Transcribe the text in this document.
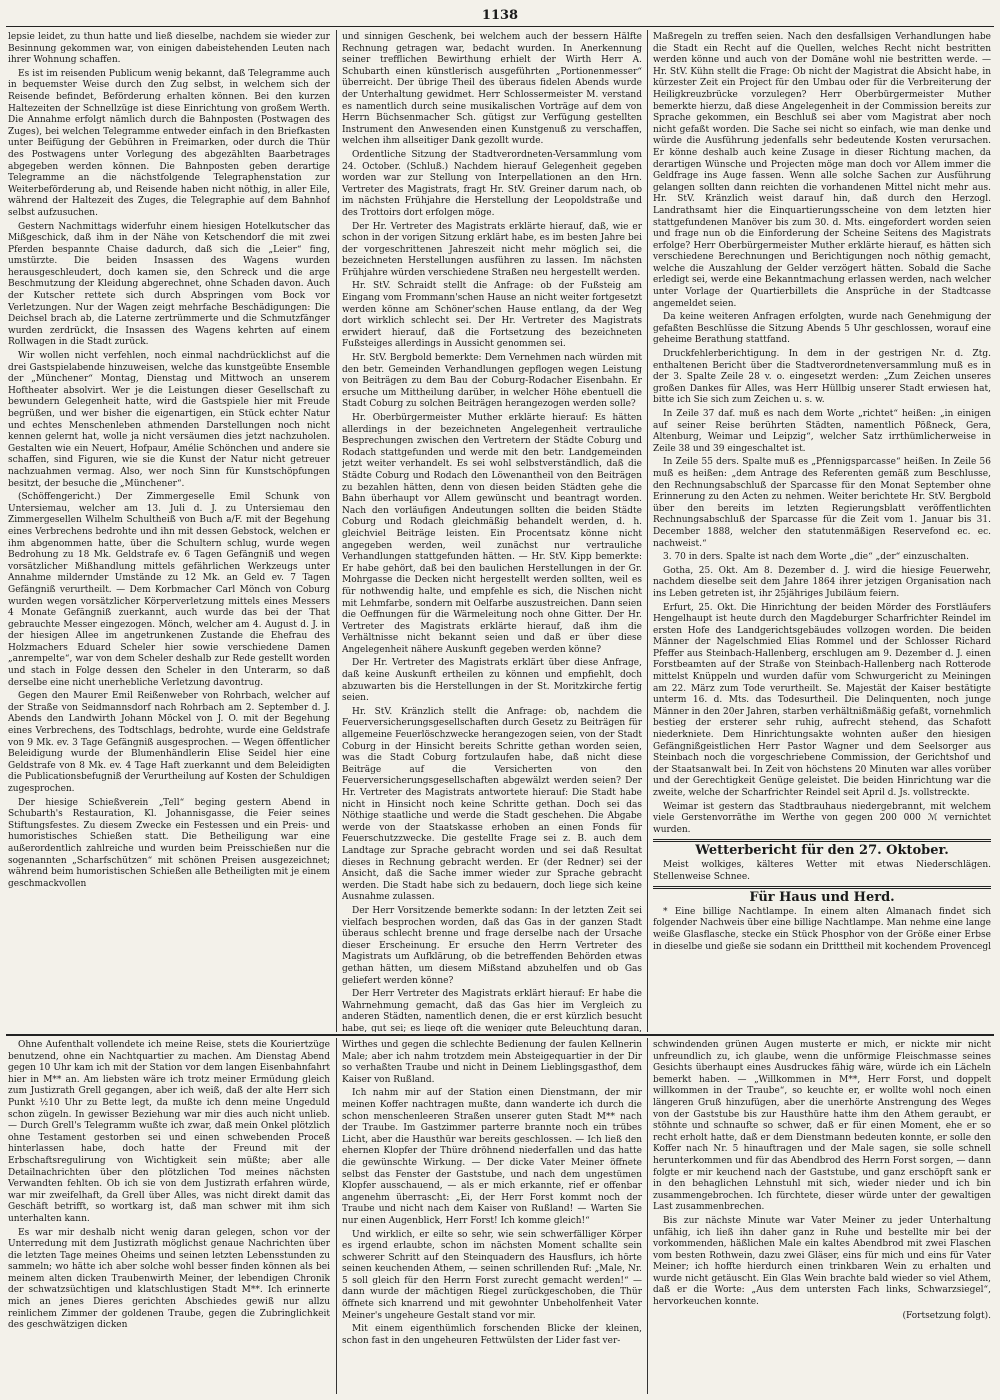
1138

lepsie leidet, zu thun hatte und ließ dieselbe, nachdem sie wieder zur Besinnung gekommen war, von einigen dabeistehenden Leuten nach ihrer Wohnung schaffen.

Es ist im reisenden Publicum wenig bekannt, daß Telegramme auch in bequemster Weise durch den Zug selbst, in welchem sich der Reisende befindet, Beförderung erhalten können. Bei den kurzen Haltezeiten der Schnellzüge ist diese Einrichtung von großem Werth. Die Annahme erfolgt nämlich durch die Bahnposten (Postwagen des Zuges), bei welchen Telegramme entweder einfach in den Briefkasten unter Beifügung der Gebühren in Freimarken, oder durch die Thür des Postwagens unter Vorlegung des abgezählten Baarbetrages abgegeben werden können. Die Bahnposten geben derartige Telegramme an die nächstfolgende Telegraphenstation zur Weiterbeförderung ab, und Reisende haben nicht nöthig, in aller Eile, während der Haltezeit des Zuges, die Telegraphie auf dem Bahnhof selbst aufzusuchen.

Gestern Nachmittags widerfuhr einem hiesigen Hotelkutscher das Mißgeschick, daß ihm in der Nähe von Ketschendorf die mit zwei Pferden bespannte Chaise dadurch, daß sich die „Leier“ fing, umstürzte. Die beiden Insassen des Wagens wurden herausgeschleudert, doch kamen sie, den Schreck und die arge Beschmutzung der Kleidung abgerechnet, ohne Schaden davon. Auch der Kutscher rettete sich durch Abspringen vom Bock vor Verletzungen. Nur der Wagen zeigt mehrfache Beschädigungen: Die Deichsel brach ab, die Laterne zertrümmerte und die Schmutzfänger wurden zerdrückt, die Insassen des Wagens kehrten auf einem Rollwagen in die Stadt zurück.

Wir wollen nicht verfehlen, noch einmal nachdrücklichst auf die drei Gastspielabende hinzuweisen, welche das kunstgeübte Ensemble der „Münchener“ Montag, Dienstag und Mittwoch an unserem Hoftheater absolvirt. Wer je die Leistungen dieser Gesellschaft zu bewundern Gelegenheit hatte, wird die Gastspiele hier mit Freude begrüßen, und wer bisher die eigenartigen, ein Stück echter Natur und echtes Menschenleben athmenden Darstellungen noch nicht kennen gelernt hat, wolle ja nicht versäumen dies jetzt nachzuholen. Gestalten wie ein Neuert, Hofpaur, Amélie Schönchen und andere sie schaffen, sind Figuren, wie sie die Kunst der Natur nicht getreuer nachzuahmen vermag. Also, wer noch Sinn für Kunstschöpfungen besitzt, der besuche die „Münchener“.

(Schöffengericht.) Der Zimmergeselle Emil Schunk von Untersiemau, welcher am 13. Juli d. J. zu Untersiemau den Zimmergesellen Wilhelm Schultheiß von Buch a/F. mit der Begehung eines Verbrechens bedrohte und ihn mit dessen Gebstock, welchen er ihm abgenommen hatte, über die Schultern schlug, wurde wegen Bedrohung zu 18 Mk. Geldstrafe ev. 6 Tagen Gefängniß und wegen vorsätzlicher Mißhandlung mittels gefährlichen Werkzeugs unter Annahme mildernder Umstände zu 12 Mk. an Geld ev. 7 Tagen Gefängniß verurtheilt. — Dem Korbmacher Carl Mönch von Coburg wurden wegen vorsätzlicher Körperverletzung mittels eines Messers 4 Monate Gefängniß zuerkannt, auch wurde das bei der That gebrauchte Messer eingezogen. Mönch, welcher am 4. August d. J. in der hiesigen Allee im angetrunkenen Zustande die Ehefrau des Holzmachers Eduard Scheler hier sowie verschiedene Damen „anrempelte“, war von dem Scheler deshalb zur Rede gestellt worden und stach in Folge dessen den Scheler in den Unterarm, so daß derselbe eine nicht unerhebliche Verletzung davontrug.

Gegen den Maurer Emil Reißenweber von Rohrbach, welcher auf der Straße von Seidmannsdorf nach Rohrbach am 2. September d. J. Abends den Landwirth Johann Möckel von J. O. mit der Begehung eines Verbrechens, des Todtschlags, bedrohte, wurde eine Geldstrafe von 9 Mk. ev. 3 Tage Gefängniß ausgesprochen. — Wegen öffentlicher Beleidigung wurde der Blumenhändlerin Elise Seidel hier eine Geldstrafe von 8 Mk. ev. 4 Tage Haft zuerkannt und dem Beleidigten die Publicationsbefugniß der Verurtheilung auf Kosten der Schuldigen zugesprochen.

Der hiesige Schießverein „Tell“ beging gestern Abend in Schubarth's Restauration, Kl. Johannisgasse, die Feier seines Stiftungsfestes. Zu diesem Zwecke ein Festessen und ein Preis- und humoristisches Schießen statt. Die Betheiligung war eine außerordentlich zahlreiche und wurden beim Preisschießen nur die sogenannten „Scharfschützen“ mit schönen Preisen ausgezeichnet; während beim humoristischen Schießen alle Betheiligten mit je einem geschmackvollen

und sinnigen Geschenk, bei welchem auch der bessern Hälfte Rechnung getragen war, bedacht wurden. In Anerkennung seiner trefflichen Bewirthung erhielt der Wirth Herr A. Schubarth einen künstlerisch ausgeführten „Portionenmesser“ überreicht. Der übrige Theil des überaus fidelen Abends wurde der Unterhaltung gewidmet. Herr Schlossermeister M. verstand es namentlich durch seine musikalischen Vorträge auf dem von Herrn Büchsenmacher Sch. gütigst zur Verfügung gestellten Instrument den Anwesenden einen Kunstgenuß zu verschaffen, welchen ihm allseitiger Dank gezollt wurde.

Ordentliche Sitzung der Stadtverordneten-Versammlung vom 24. October. (Schluß.) Nachdem hierauf Gelegenheit gegeben worden war zur Stellung von Interpellationen an den Hrn. Vertreter des Magistrats, fragt Hr. StV. Greiner darum nach, ob im nächsten Frühjahre die Herstellung der Leopoldstraße und des Trottoirs dort erfolgen möge.

Der Hr. Vertreter des Magistrats erklärte hierauf, daß, wie er schon in der vorigen Sitzung erklärt habe, es im besten Jahre bei der vorgeschrittenen Jahreszeit nicht mehr möglich sei, die bezeichneten Herstellungen ausführen zu lassen. Im nächsten Frühjahre würden verschiedene Straßen neu hergestellt werden.

Hr. StV. Schraidt stellt die Anfrage: ob der Fußsteig am Eingang vom Frommann'schen Hause an nicht weiter fortgesetzt werden könne am Schöner'schen Hause entlang, da der Weg dort wirklich schlecht sei. Der Hr. Vertreter des Magistrats erwidert hierauf, daß die Fortsetzung des bezeichneten Fußsteiges allerdings in Aussicht genommen sei.

Hr. StV. Bergbold bemerkte: Dem Vernehmen nach würden mit den betr. Gemeinden Verhandlungen gepflogen wegen Leistung von Beiträgen zu dem Bau der Coburg-Rodacher Eisenbahn. Er ersuche um Mittheilung darüber, in welcher Höhe ebentuell die Stadt Coburg zu solchen Beiträgen herangezogen werden solle?

Hr. Oberbürgermeister Muther erklärte hierauf: Es hätten allerdings in der bezeichneten Angelegenheit vertrauliche Besprechungen zwischen den Vertretern der Städte Coburg und Rodach stattgefunden und werde mit den betr. Landgemeinden jetzt weiter verhandelt. Es sei wohl selbstverständlich, daß die Städte Coburg und Rodach den Löwenantheil von den Beiträgen zu bezahlen hätten, denn von diesen beiden Städten gehe die Bahn überhaupt vor Allem gewünscht und beantragt worden. Nach den vorläufigen Andeutungen sollten die beiden Städte Coburg und Rodach gleichmäßig behandelt werden, d. h. gleichviel Beiträge leisten. Ein Procentsatz könne nicht angegeben werden, weil zunächst nur vertrauliche Verhandlungen stattgefunden hätten. — Hr. StV. Kipp bemerkte: Er habe gehört, daß bei den baulichen Herstellungen in der Gr. Mohrgasse die Decken nicht hergestellt werden sollten, weil es für nothwendig halte, und empfehle es sich, die Nischen nicht mit Lehmfarbe, sondern mit Oelfarbe auszustreichen. Dann seien die Oeffnungen für die Wärmeleitung noch ohne Gitter. Der Hr. Vertreter des Magistrats erklärte hierauf, daß ihm die Verhältnisse nicht bekannt seien und daß er über diese Angelegenheit nähere Auskunft gegeben werden könne?

Der Hr. Vertreter des Magistrats erklärt über diese Anfrage, daß keine Auskunft ertheilen zu können und empfiehlt, doch abzuwarten bis die Herstellungen in der St. Moritzkirche fertig seien.

Hr. StV. Kränzlich stellt die Anfrage: ob, nachdem die Feuerversicherungsgesellschaften durch Gesetz zu Beiträgen für allgemeine Feuerlöschzwecke herangezogen seien, von der Stadt Coburg in der Hinsicht bereits Schritte gethan worden seien, was die Stadt Coburg fortzulaufen habe, daß nicht diese Beiträge auf die Versicherten von den Feuerversicherungsgesellschaften abgewälzt werden seien? Der Hr. Vertreter des Magistrats antwortete hierauf: Die Stadt habe nicht in Hinsicht noch keine Schritte gethan. Doch sei das Nöthige staatliche und werde die Stadt geschehen. Die Abgabe werde von der Staatskasse erhoben an einen Fonds für Feuerschutzzwecke. Die gestellte Frage sei z. B. auch dem Landtage zur Sprache gebracht worden und sei daß Resultat dieses in Rechnung gebracht werden. Er (der Redner) sei der Ansicht, daß die Sache immer wieder zur Sprache gebracht werden. Die Stadt habe sich zu bedauern, doch liege sich keine Ausnahme zulassen.

Der Herr Vorsitzende bemerkte sodann: In der letzten Zeit sei vielfach besprochen worden, daß das Gas in der ganzen Stadt überaus schlecht brenne und frage derselbe nach der Ursache dieser Erscheinung. Er ersuche den Herrn Vertreter des Magistrats um Aufklärung, ob die betreffenden Behörden etwas gethan hätten, um diesem Mißstand abzuhelfen und ob Gas geliefert werden könne?

Der Herr Vertreter des Magistrats erklärt hierauf: Er habe die Wahrnehmung gemacht, daß das Gas hier im Vergleich zu anderen Städten, namentlich denen, die er erst kürzlich besucht habe, gut sei; es liege oft die weniger gute Beleuchtung daran,

Maßregeln zu treffen seien. Nach den desfallsigen Verhandlungen habe die Stadt ein Recht auf die Quellen, welches Recht nicht bestritten werden könne und auch von der Domäne wohl nie bestritten werde. — Hr. StV. Kühn stellt die Frage: Ob nicht der Magistrat die Absicht habe, in kürzester Zeit ein Project für den Umbau oder für die Verbreiterung der Heiligkreuzbrücke vorzulegen? Herr Oberbürgermeister Muther bemerkte hierzu, daß diese Angelegenheit in der Commission bereits zur Sprache gekommen, ein Beschluß sei aber vom Magistrat aber noch nicht gefaßt worden. Die Sache sei nicht so einfach, wie man denke und würde die Ausführung jedenfalls sehr bedeutende Kosten verursachen. Er könne deshalb auch keine Zusage in dieser Richtung machen, da derartigen Wünsche und Projecten möge man doch vor Allem immer die Geldfrage ins Auge fassen. Wenn alle solche Sachen zur Ausführung gelangen sollten dann reichten die vorhandenen Mittel nicht mehr aus. Hr. StV. Kränzlich weist darauf hin, daß durch den Herzogl. Landrathsamt hier die Einquartierungsscheine von dem letzten hier stattgefundenen Manöver bis zum 30. d. Mts. eingefordert worden seien und frage nun ob die Einforderung der Scheine Seitens des Magistrats erfolge? Herr Oberbürgermeister Muther erklärte hierauf, es hätten sich verschiedene Berechnungen und Berichtigungen noch nöthig gemacht, welche die Auszahlung der Gelder verzögert hätten. Sobald die Sache erledigt sei, werde eine Bekanntmachung erlassen werden, nach welcher unter Vorlage der Quartierbillets die Ansprüche in der Stadtcasse angemeldet seien.

Da keine weiteren Anfragen erfolgten, wurde nach Genehmigung der gefaßten Beschlüsse die Sitzung Abends 5 Uhr geschlossen, worauf eine geheime Berathung stattfand.

Druckfehlerberichtigung. In dem in der gestrigen Nr. d. Ztg. enthaltenen Bericht über die Stadtverordnetenversammlung muß es in der 3. Spalte Zeile 28 v. o. eingesetzt werden: „Zum Zeichen unseres großen Dankes für Alles, was Herr Hüllbig unserer Stadt erwiesen hat, bitte ich Sie sich zum Zeichen u. s. w.

In Zeile 37 daf. muß es nach dem Worte „richtet“ heißen: „in einigen auf seiner Reise berührten Städten, namentlich Pößneck, Gera, Altenburg, Weimar und Leipzig“, welcher Satz irrthümlicherweise in Zeile 38 und 39 eingeschaltet ist.

In Zeile 55 ders. Spalte muß es „Pfennigsparcasse“ heißen. In Zeile 56 muß es heißen: „dem Antrage des Referenten gemäß zum Beschlusse, den Rechnungsabschluß der Sparcasse für den Monat September ohne Erinnerung zu den Acten zu nehmen. Weiter berichtete Hr. StV. Bergbold über den bereits im letzten Regierungsblatt veröffentlichten Rechnungsabschluß der Sparcasse für die Zeit vom 1. Januar bis 31. December 1888, welcher den statutenmäßigen Reservefond ec. ec. nachweist.“

3. 70 in ders. Spalte ist nach dem Worte „die“ „der“ einzuschalten.

Gotha, 25. Okt. Am 8. Dezember d. J. wird die hiesige Feuerwehr, nachdem dieselbe seit dem Jahre 1864 ihrer jetzigen Organisation nach ins Leben getreten ist, ihr 25jähriges Jubiläum feiern.

Erfurt, 25. Okt. Die Hinrichtung der beiden Mörder des Forstläufers Hengelhaupt ist heute durch den Magdeburger Scharfrichter Reindel im ersten Hofe des Landgerichtsgebäudes vollzogen worden. Die beiden Männer der Nagelschmied Elias Rommel und der Schlosser Richard Pfeffer aus Steinbach-Hallenberg, erschlugen am 9. Dezember d. J. einen Forstbeamten auf der Straße von Steinbach-Hallenberg nach Rotterode mittelst Knüppeln und wurden dafür vom Schwurgericht zu Meiningen am 22. März zum Tode verurtheilt. Se. Majestät der Kaiser bestätigte unterm 16. d. Mts. das Todesurtheil. Die Delinquenten, noch junge Männer in den 20er Jahren, starben verhältnißmäßig gefaßt, vornehmlich bestieg der ersterer sehr ruhig, aufrecht stehend, das Schafott niederkniete. Dem Hinrichtungsakte wohnten außer den hiesigen Gefängnißgeistlichen Herr Pastor Wagner und dem Seelsorger aus Steinbach noch die vorgeschriebene Commission, der Gerichtshof und der Staatsanwalt bei. In Zeit von höchstens 20 Minuten war alles vorüber und der Gerechtigkeit Genüge geleistet. Die beiden Hinrichtung war die zweite, welche der Scharfrichter Reindel seit April d. Js. vollstreckte.

Weimar ist gestern das Stadtbrauhaus niedergebrannt, mit welchem viele Gerstenvorräthe im Werthe von gegen 200 000 ℳ vernichtet wurden.

Wetterbericht für den 27. Oktober.

Meist wolkiges, kälteres Wetter mit etwas Niederschlägen. Stellenweise Schnee.

Für Haus und Herd.

* Eine billige Nachtlampe. In einem alten Almanach findet sich folgender Nachweis über eine billige Nachtlampe. Man nehme eine lange weiße Glasflasche, stecke ein Stück Phosphor von der Größe einer Erbse in dieselbe und gieße sie sodann ein Dritttheil mit kochendem Provencegl

Ohne Aufenthalt vollendete ich meine Reise, stets die Kouriertzüge benutzend, ohne ein Nachtquartier zu machen. Am Dienstag Abend gegen 10 Uhr kam ich mit der Station vor dem langen Eisenbahnfahrt hier in M** an. Am liebsten wäre ich trotz meiner Ermüdung gleich zum Justizrath Grell gegangen, aber ich weiß, daß der alte Herr sich Punkt ½10 Uhr zu Bette legt, da mußte ich denn meine Ungeduld schon zügeln. In gewisser Beziehung war mir dies auch nicht unlieb. — Durch Grell's Telegramm wußte ich zwar, daß mein Onkel plötzlich ohne Testament gestorben sei und einen schwebenden Proceß hinterlassen habe, doch hatte der Freund mit der Erbschaftsregulirung von Wichtigkeit sein müßte; aber alle Detailnachrichten über den plötzlichen Tod meines nächsten Verwandten fehlten. Ob ich sie von dem Justizrath erfahren würde, war mir zweifelhaft, da Grell über Alles, was nicht direkt damit das Geschäft betrifft, so wortkarg ist, daß man schwer mit ihm sich unterhalten kann.

Es war mir deshalb nicht wenig daran gelegen, schon vor der Unterredung mit dem Justizrath möglichst genaue Nachrichten über die letzten Tage meines Oheims und seinen letzten Lebensstunden zu sammeln; wo hätte ich aber solche wohl besser finden können als bei meinem alten dicken Traubenwirth Meiner, der lebendigen Chronik der schwatzsüchtigen und klatschlustigen Stadt M**. Ich erinnerte mich an jenes Dieres gerichten Abschiedes gewiß nur allzu reinlichem Zimmer der goldenen Traube, gegen die Zubringlichkeit des geschwätzigen dicken

Wirthes und gegen die schlechte Bedienung der faulen Kellnerin Male; aber ich nahm trotzdem mein Absteigequartier in der Dir so verhaßten Traube und nicht in Deinem Lieblingsgasthof, dem Kaiser von Rußland.

Ich nahm mir auf der Station einen Dienstmann, der mir meinen Koffer nachtragen mußte, dann wanderte ich durch die schon menschenleeren Straßen unserer guten Stadt M** nach der Traube. Im Gastzimmer parterre brannte noch ein trübes Licht, aber die Hausthür war bereits geschlossen. — Ich ließ den ehernen Klopfer der Thüre dröhnend niederfallen und das hatte die gewünschte Wirkung. — Der dicke Vater Meiner öffnete selbst das Fenster der Gaststube, und nach dem ungestümen Klopfer ausschauend, — als er mich erkannte, rief er offenbar angenehm überrascht: „Ei, der Herr Forst kommt noch der Traube und nicht nach dem Kaiser von Rußland! — Warten Sie nur einen Augenblick, Herr Forst! Ich komme gleich!“

Und wirklich, er eilte so sehr, wie sein schwerfälliger Körper es irgend erlaubte, schon im nächsten Moment schallte sein schwerer Schritt auf den Steinquadern des Hausflurs, ich hörte seinen keuchenden Athem, — seinen schrillenden Ruf: „Male, Nr. 5 soll gleich für den Herrn Forst zurecht gemacht werden!“ — dann wurde der mächtigen Riegel zurückgeschoben, die Thür öffnete sich knarrend und mit gewohnter Unbeholfenheit Vater Meiner's ungeheure Gestalt stand vor mir.

Mit einem eigenthümlich forschenden Blicke der kleinen, schon fast in den ungeheuren Fettwülsten der Lider fast ver-

schwindenden grünen Augen musterte er mich, er nickte mir nicht unfreundlich zu, ich glaube, wenn die unförmige Fleischmasse seines Gesichts überhaupt eines Ausdruckes fähig wäre, würde ich ein Lächeln bemerkt haben. — „Willkommen in M**, Herr Forst, und doppelt willkommen in der Traube“, so keuchte er, er wollte wohl noch einen längeren Gruß hinzufügen, aber die unerhörte Anstrengung des Weges von der Gaststube bis zur Hausthüre hatte ihm den Athem geraubt, er stöhnte und schnaufte so schwer, daß er für einen Moment, ehe er so recht erholt hatte, daß er dem Dienstmann bedeuten konnte, er solle den Koffer nach Nr. 5 hinauftragen und der Male sagen, sie solle schnell herunterkommen und für das Abendbrod des Herrn Forst sorgen, — dann folgte er mir keuchend nach der Gaststube, und ganz erschöpft sank er in den behaglichen Lehnstuhl mit sich, wieder nieder und ich bin zusammengebrochen. Ich fürchtete, dieser würde unter der gewaltigen Last zusammenbrechen.

Bis zur nächste Minute war Vater Meiner zu jeder Unterhaltung unfähig, ich ließ ihn daher ganz in Ruhe und bestellte mir bei der vorkommenden, häßlichen Male ein kaltes Abendbrod mit zwei Flaschen vom besten Rothwein, dazu zwei Gläser, eins für mich und eins für Vater Meiner; ich hoffte hierdurch einen trinkbaren Wein zu erhalten und wurde nicht getäuscht. Ein Glas Wein brachte bald wieder so viel Athem, daß er die Worte: „Aus dem untersten Fach links, Schwarzsiegel“, hervorkeuchen konnte.

(Fortsetzung folgt).
